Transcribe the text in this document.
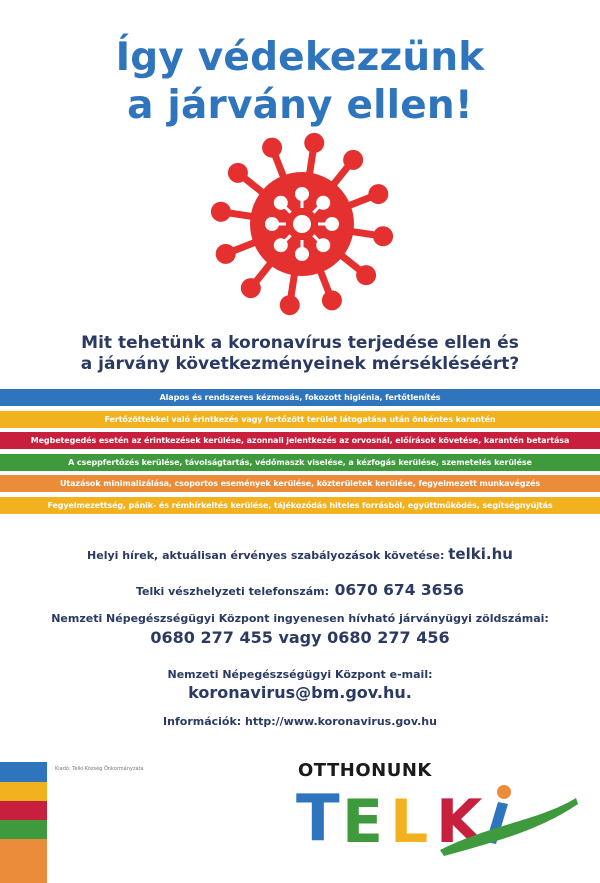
Így védekezzünk
a járvány ellen!
Mit tehetünk a koronavírus terjedése ellen és
a járvány következményeinek mérsékléséért?
Alapos és rendszeres kézmosás, fokozott higiénia, fertőtlenítés
Fertőzöttekkel való érintkezés vagy fertőzött terület látogatása után önkéntes karantén
Megbetegedés esetén az érintkezések kerülése, azonnali jelentkezés az orvosnál, előírások követése, karantén betartása
A cseppfertőzés kerülése, távolságtartás, védőmaszk viselése, a kézfogás kerülése, szemetelés kerülése
Utazások minimalizálása, csoportos események kerülése, közterületek kerülése, fegyelmezett munkavégzés
Fegyelmezettség, pánik- és rémhírkeltés kerülése, tájékozódás hiteles forrásból, együttműködés, segítségnyújtás
Helyi hírek, aktuálisan érvényes szabályozások követése: telki.hu
Telki vészhelyzeti telefonszám: 0670 674 3656
Nemzeti Népegészségügyi Központ ingyenesen hívható járványügyi zöldszámai:
0680 277 455 vagy 0680 277 456
Nemzeti Népegészségügyi Központ e-mail:
koronavirus@bm.gov.hu.
Információk: http://www.koronavirus.gov.hu
Kiadó: Telki Község Önkormányzata	OTTHONUNK
T E L K
